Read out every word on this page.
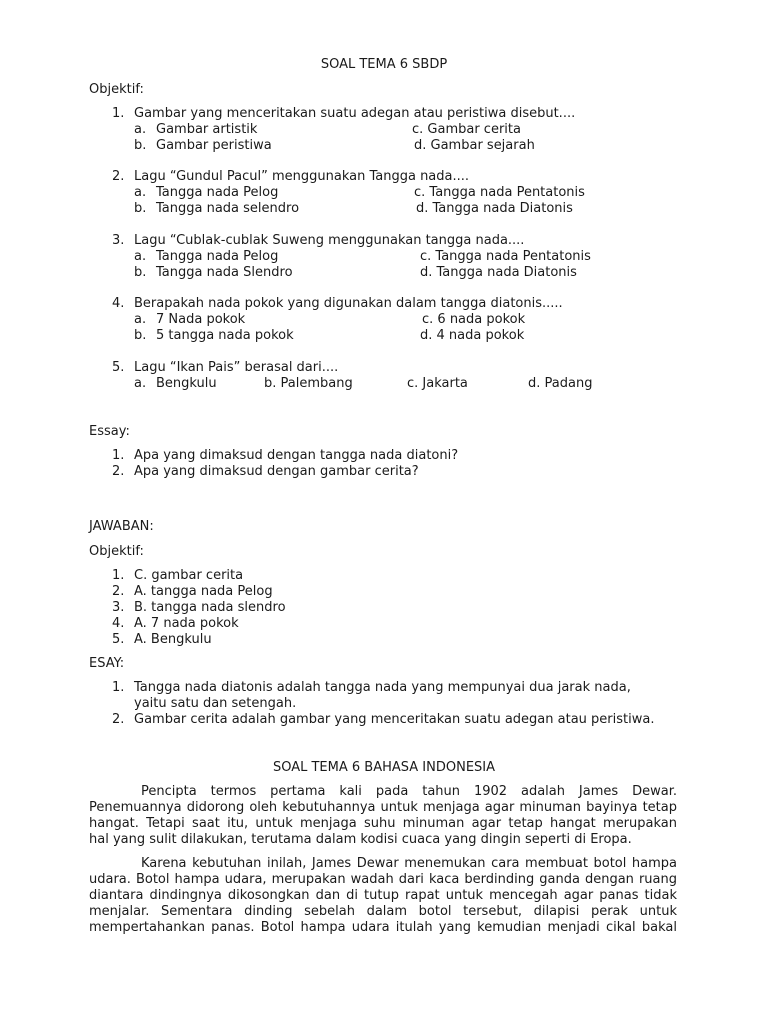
SOAL TEMA 6 SBDP
Objektif:
1. Gambar yang menceritakan suatu adegan atau peristiwa disebut....
a. Gambar artistik	c. Gambar cerita
b. Gambar peristiwa	d. Gambar sejarah
2. Lagu “Gundul Pacul” menggunakan Tangga nada....
a. Tangga nada Pelog	c. Tangga nada Pentatonis
b. Tangga nada selendro	d. Tangga nada Diatonis
3. Lagu “Cublak-cublak Suweng menggunakan tangga nada....
a. Tangga nada Pelog	c. Tangga nada Pentatonis
b. Tangga nada Slendro	d. Tangga nada Diatonis
4. Berapakah nada pokok yang digunakan dalam tangga diatonis.....
a. 7 Nada pokok	c. 6 nada pokok
b. 5 tangga nada pokok	d. 4 nada pokok
5. Lagu “Ikan Pais” berasal dari....
a. Bengkulu	b. Palembang	c. Jakarta	d. Padang
Essay:
1. Apa yang dimaksud dengan tangga nada diatoni?
2. Apa yang dimaksud dengan gambar cerita?
JAWABAN:
Objektif:
1. C. gambar cerita
2. A. tangga nada Pelog
3. B. tangga nada slendro
4. A. 7 nada pokok
5. A. Bengkulu
ESAY:
1. Tangga nada diatonis adalah tangga nada yang mempunyai dua jarak nada,
yaitu satu dan setengah.
2. Gambar cerita adalah gambar yang menceritakan suatu adegan atau peristiwa.
SOAL TEMA 6 BAHASA INDONESIA
Pencipta termos pertama kali pada tahun 1902 adalah James Dewar.
Penemuannya didorong oleh kebutuhannya untuk menjaga agar minuman bayinya tetap
hangat. Tetapi saat itu, untuk menjaga suhu minuman agar tetap hangat merupakan
hal yang sulit dilakukan, terutama dalam kodisi cuaca yang dingin seperti di Eropa.
Karena kebutuhan inilah, James Dewar menemukan cara membuat botol hampa
udara. Botol hampa udara, merupakan wadah dari kaca berdinding ganda dengan ruang
diantara dindingnya dikosongkan dan di tutup rapat untuk mencegah agar panas tidak
menjalar. Sementara dinding sebelah dalam botol tersebut, dilapisi perak untuk
mempertahankan panas. Botol hampa udara itulah yang kemudian menjadi cikal bakal
